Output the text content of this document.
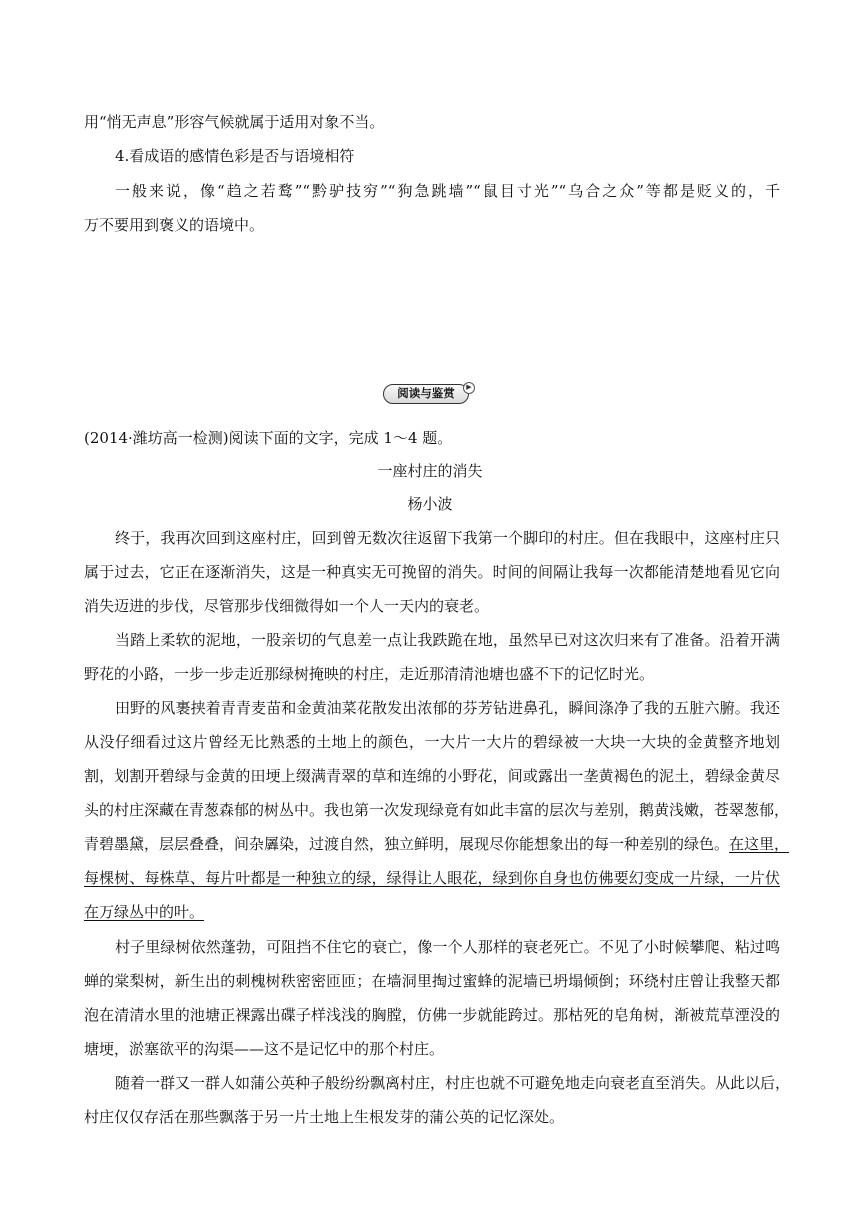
用“悄无声息”形容气候就属于适用对象不当。
4.看成语的感情色彩是否与语境相符
一般来说，像“趋之若鹜”“黔驴技穷”“狗急跳墙”“鼠目寸光”“乌合之众”等都是贬义的，千
万不要用到褒义的语境中。
阅读与鉴赏	▶
(2014·潍坊高一检测)阅读下面的文字，完成 1～4 题。
一座村庄的消失
杨小波
终于，我再次回到这座村庄，回到曾无数次往返留下我第一个脚印的村庄。但在我眼中，这座村庄只
属于过去，它正在逐渐消失，这是一种真实无可挽留的消失。时间的间隔让我每一次都能清楚地看见它向
消失迈进的步伐，尽管那步伐细微得如一个人一天内的衰老。
当踏上柔软的泥地，一股亲切的气息差一点让我跌跪在地，虽然早已对这次归来有了准备。沿着开满
野花的小路，一步一步走近那绿树掩映的村庄，走近那清清池塘也盛不下的记忆时光。
田野的风裹挟着青青麦苗和金黄油菜花散发出浓郁的芬芳钻进鼻孔，瞬间涤净了我的五脏六腑。我还
从没仔细看过这片曾经无比熟悉的土地上的颜色，一大片一大片的碧绿被一大块一大块的金黄整齐地划
割，划割开碧绿与金黄的田埂上缀满青翠的草和连绵的小野花，间或露出一垄黄褐色的泥土，碧绿金黄尽
头的村庄深藏在青葱森郁的树丛中。我也第一次发现绿竟有如此丰富的层次与差别，鹅黄浅嫩，苍翠葱郁，
青碧墨黛，层层叠叠，间杂羼染，过渡自然，独立鲜明，展现尽你能想象出的每一种差别的绿色。在这里，
每棵树、每株草、每片叶都是一种独立的绿，绿得让人眼花，绿到你自身也仿佛要幻变成一片绿，一片伏
在万绿丛中的叶。
村子里绿树依然蓬勃，可阻挡不住它的衰亡，像一个人那样的衰老死亡。不见了小时候攀爬、粘过鸣
蝉的棠梨树，新生出的刺槐树秩密密匝匝；在墙洞里掏过蜜蜂的泥墙已坍塌倾倒；环绕村庄曾让我整天都
泡在清清水里的池塘正裸露出碟子样浅浅的胸膛，仿佛一步就能跨过。那枯死的皂角树，渐被荒草湮没的
塘埂，淤塞欲平的沟渠——这不是记忆中的那个村庄。
随着一群又一群人如蒲公英种子般纷纷飘离村庄，村庄也就不可避免地走向衰老直至消失。从此以后，
村庄仅仅存活在那些飘落于另一片土地上生根发芽的蒲公英的记忆深处。
